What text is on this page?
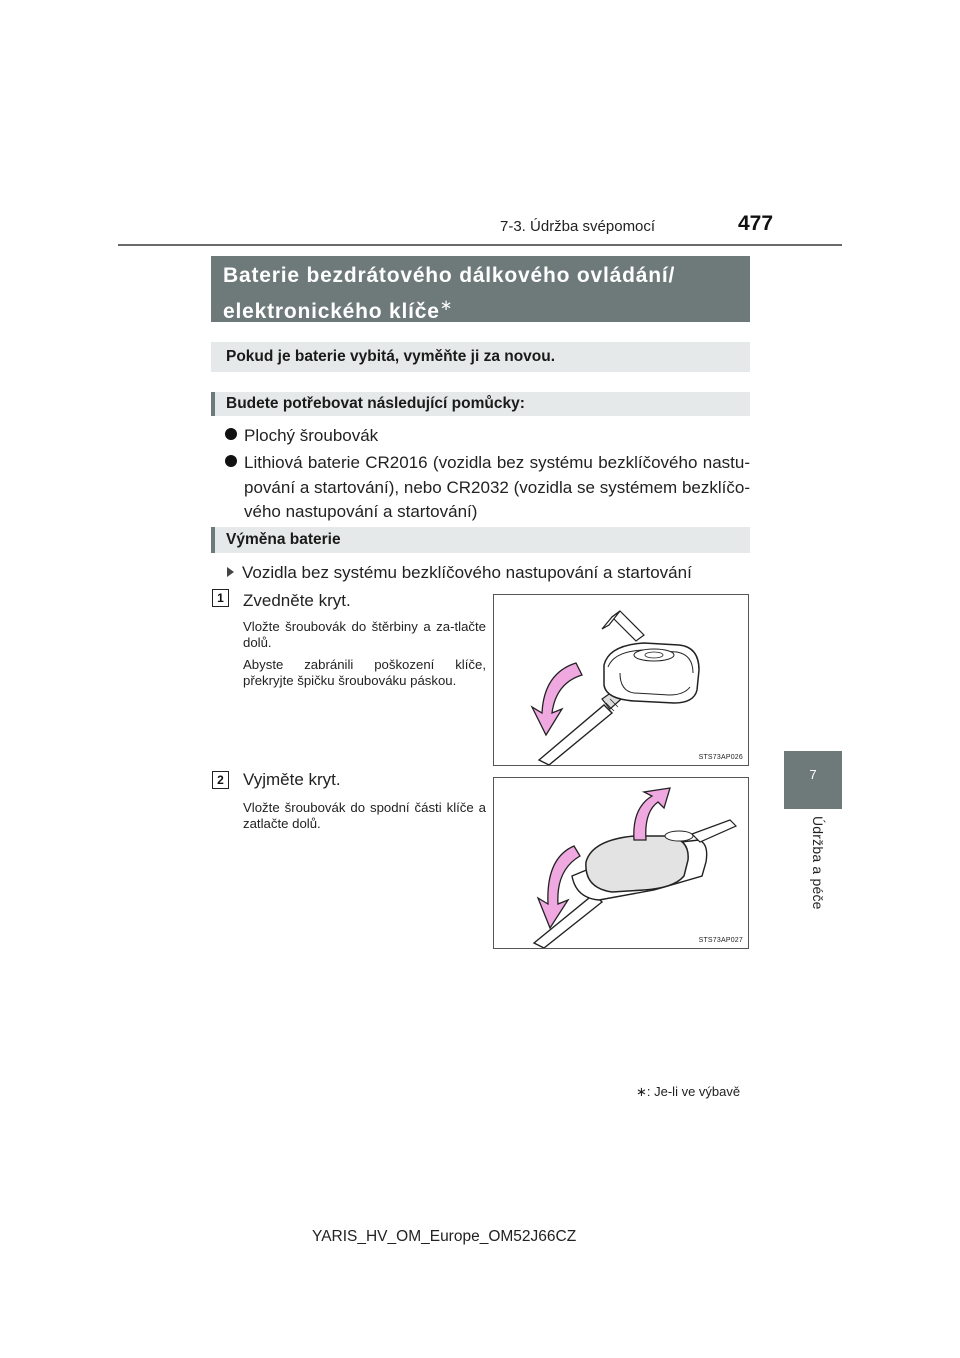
7-3. Údržba svépomocí	477
7
Údržba a péče
Baterie bezdrátového dálkového ovládání/
elektronického klíče∗
Pokud je baterie vybitá, vyměňte ji za novou.
Budete potřebovat následující pomůcky:
Plochý šroubovák
Lithiová baterie CR2016 (vozidla bez systému bezklíčového nastu-pování a startování), nebo CR2032 (vozidla se systémem bezklíčo-vého nastupování a startování)
Výměna baterie
Vozidla bez systému bezklíčového nastupování a startování
1	Zvedněte kryt.
Vložte šroubovák do štěrbiny a za-tlačte dolů.
Abyste zabránili poškození klíče, překryjte špičku šroubováku páskou.
STS73AP026
2	Vyjměte kryt.
Vložte šroubovák do spodní části klíče a zatlačte dolů.
STS73AP027
∗: Je-li ve výbavě
YARIS_HV_OM_Europe_OM52J66CZ
